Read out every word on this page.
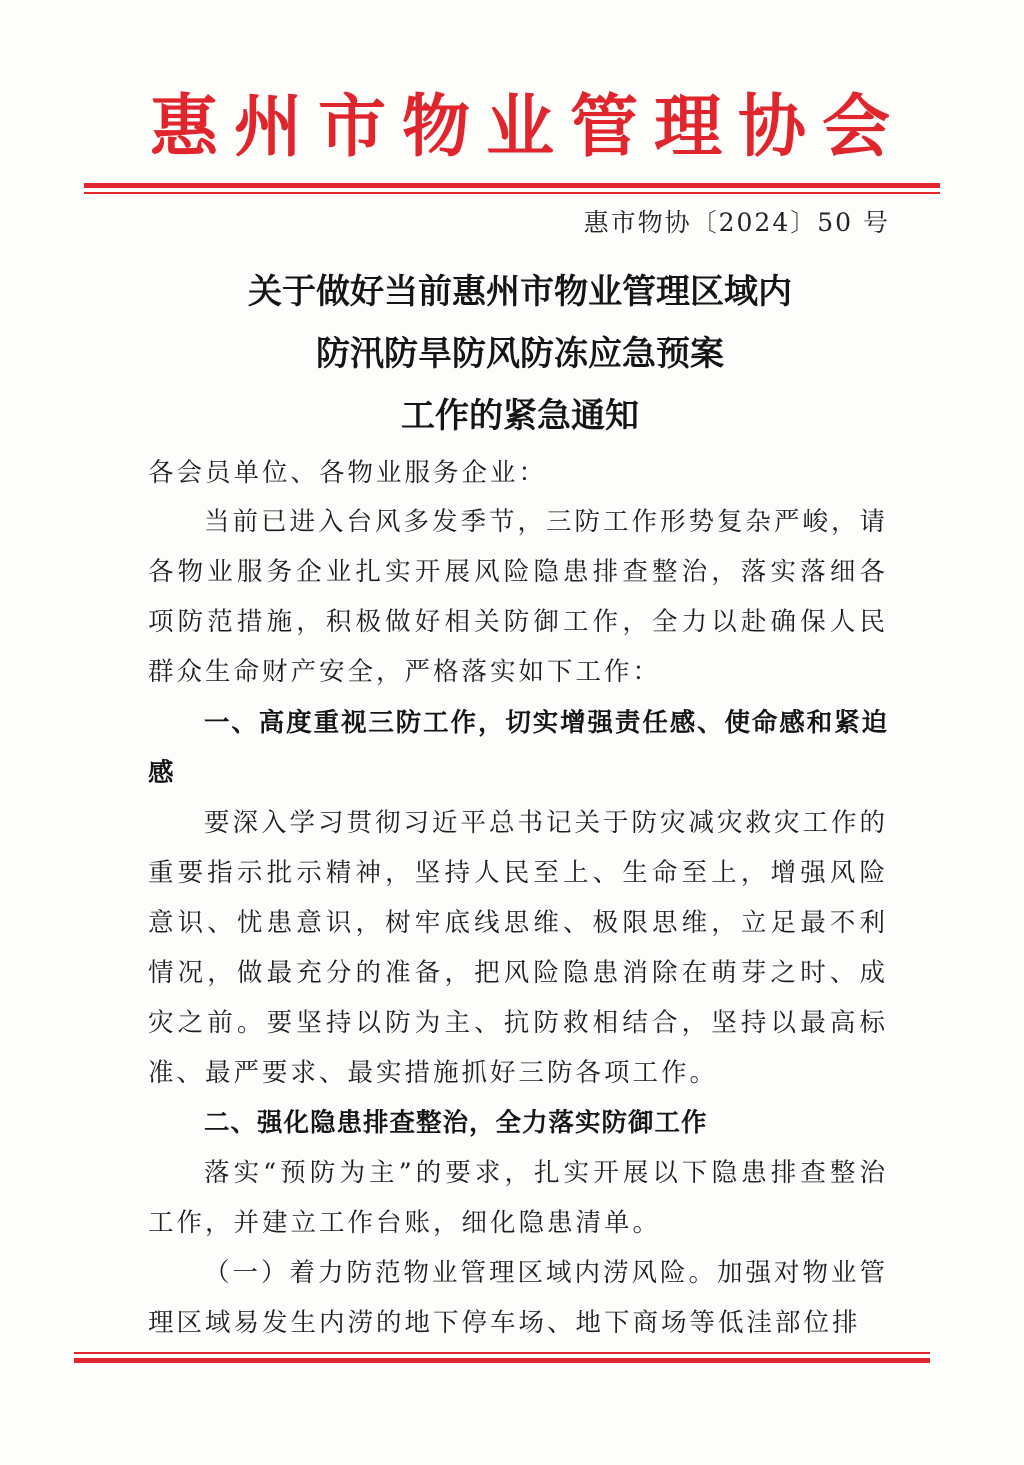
惠州市物业管理协会
惠市物协〔2024〕50 号
关于做好当前惠州市物业管理区域内
防汛防旱防风防冻应急预案
工作的紧急通知
各会员单位、各物业服务企业：
当前已进入台风多发季节，三防工作形势复杂严峻，请各物业服务企业扎实开展风险隐患排查整治，落实落细各项防范措施，积极做好相关防御工作，全力以赴确保人民群众生命财产安全，严格落实如下工作：
一、高度重视三防工作，切实增强责任感、使命感和紧迫感
要深入学习贯彻习近平总书记关于防灾减灾救灾工作的重要指示批示精神，坚持人民至上、生命至上，增强风险意识、忧患意识，树牢底线思维、极限思维，立足最不利情况，做最充分的准备，把风险隐患消除在萌芽之时、成灾之前。要坚持以防为主、抗防救相结合，坚持以最高标准、最严要求、最实措施抓好三防各项工作。
二、强化隐患排查整治，全力落实防御工作
落实“预防为主”的要求，扎实开展以下隐患排查整治工作，并建立工作台账，细化隐患清单。
（一）着力防范物业管理区域内涝风险。加强对物业管理区域易发生内涝的地下停车场、地下商场等低洼部位排
